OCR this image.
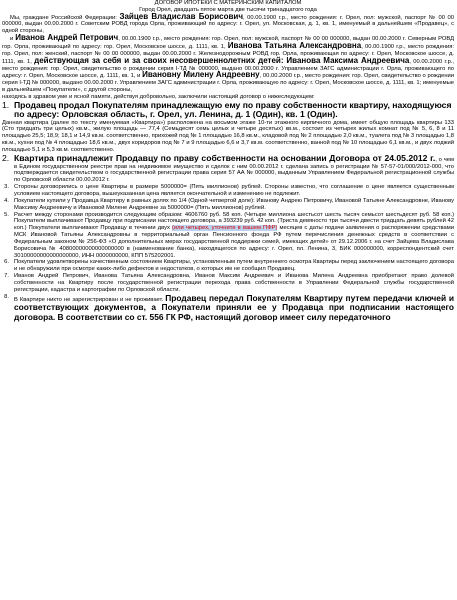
ДОГОВОР ИПОТЕКИ С МАТЕРИНСКИМ КАПИТАЛОМ
Город Орел, двадцать пятое марта две тысячи тринадцатого года

Мы, граждане Российской Федерации: Зайцев Владислав Борисович, 00.00.1900 г.р., место рождения: г. Орел, пол: мужской, паспорт № 00 00 000000, выдан 00.00.2000 г. Советским РОВД города Орла, проживающий по адресу: г. Орел, ул. Московская, д. 1, кв. 1, именуемый в дальнейшем «Продавец», с одной стороны,

и Иванов Андрей Петрович, 00.00.1900 г.р., место рождения: гор. Орел, пол: мужской, паспорт № 00 00 000000, выдан 00.00.2000 г. Северным РОВД гор. Орла, проживающий по адресу: гор. Орел, Московское шоссе, д. 1111, кв. 1, Иванова Татьяна Александровна, 00.00.1900 г.р., место рождения: гор. Орел, пол: женский, паспорт № 00 00 000000, выдан 00.00.2000 г. Железнодорожным РОВД гор. Орла, проживающая по адресу: г. Орел, Московское шоссе, д. 1111, кв. 1, действующая за себя и за своих несовершеннолетних детей: Иванова Максима Андреевича, 00.00.2000 г.р., место рождения: гор. Орел, свидетельство о рождении серия I-ТД № 000000, выдано 00.00.2000 г. Управлением ЗАГС администрации г. Орла, проживающего по адресу: г. Орел, Московское шоссе, д. 1111, кв. 1, и Ивановну Милену Андреевну, 00.00.2000 г.р., место рождения: гор. Орел, свидетельство о рождении серия I-ТД № 000000, выдано 00.00.2000 г. Управлением ЗАГС администрации г. Орла, проживающую по адресу: г. Орел, Московское шоссе, д. 1111, кв. 1; именуемые в дальнейшем «Покупатели», с другой стороны,

находясь в здравом уме и ясной памяти, действуя добровольно, заключили настоящий договор о нижеследующем:

1. Продавец продал Покупателям принадлежащую ему по праву собственности квартиру, находящуюся по адресу: Орловская область, г. Орел, ул. Ленина, д. 1 (Один), кв. 1 (Один).

Данная квартира (далее по тексту именуемая «Квартира») расположена на восьмом этаже 10-ти этажного кирпичного дома, имеет общую площадь квартиры 133 (Сто тридцать три целых) кв.м., жилую площадь — 77,4 (Семьдесят семь целых и четыре десятых) кв.м., состоит из четырех жилых комнат под № 5, 6, 8 и 11 площадью 25,5; 18,9; 18,1 и 14,9 кв.м. соответственно, прихожей под № 1 площадью 16,8 кв.м., кладовой под № 2 площадью 2,0 кв.м., туалета под № 3 площадью 1,8 кв.м., кухни под № 4 площадью 18,6 кв.м., двух коридоров под № 7 и 9 площадью 6,6 и 3,7 кв.м. соответственно, ванной под № 10 площадью 6,1 кв.м., и двух лоджий площадью 5,1 и 5,3 кв.м. соответственно.

2. Квартира принадлежит Продавцу по праву собственности на основании Договора от 24.05.2012 г., о чем в Едином государственном реестре прав на недвижимое имущество и сделок с ним 00.00.2012 г. сделана запись о регистрации № 57-57-01/000/2012-000, что подтверждается свидетельством о государственной регистрации права серия 57 АА № 000000, выданным Управлением Федеральной регистрационной службы по Орловской области 00.00.2012 г.

3. Стороны договорились о цене Квартиры в размере 5000000= (Пять миллионов) рублей. Стороны известно, что соглашение о цене является существенным условием настоящего договора, вышеуказанная цена является окончательной и изменению не подлежит.

4. Покупатели купили у Продавца Квартиру в равных долях по 1/4 (Одной четвертой доле): Иванову Андрею Петровичу, Ивановой Татьяне Александровне, Иванову Максиму Андреевичу и Ивановой Милене Андреевне за 5000000= (Пять миллионов) рублей.

5. Расчет между сторонами производится следующим образом: 4606760 руб. 58 коп. (Четыре миллиона шестьсот шесть тысяч семьсот шестьдесят руб. 58 коп.) Покупатели выплачивают Продавцу при подписании настоящего договора, а 393239 руб. 42 коп. (Триста девяносто три тысячи двести тридцать девять рублей 42 коп.) Покупатели выплачивают Продавцу в течении двух (или четырех, уточните в вашем ПФР) месяцев с даты подачи заявления о распоряжении средствами МСК Ивановой Татьяны Александровны в территориальный орган Пенсионного фонда РФ путем перечисления денежных средств в соответствии с Федеральным законом № 256-ФЗ «О дополнительных мерах государственной поддержки семей, имеющих детей» от 29.12.2006 г. на счет Зайцева Владислава Борисовича № 40800000000000000000 в (наименование банка), находящегося по адресу: г. Орел, пл. Ленина, 3, БИК 000000000, корреспондентский счет 30100000000000000000, ИНН 0000000000, КПП 575202001.

6. Покупатели удовлетворены качественным состоянием Квартиры, установленным путем внутреннего осмотра Квартиры перед заключением настоящего договора и не обнаружили при осмотре каких-либо дефектов и недостатков, о которых им не сообщил Продавец.

7. Иванов Андрей Петрович, Иванова Татьяна Александровна, Иванов Максим Андреевич и Иванова Милена Андреевна приобретают право долевой собственности на Квартиру после государственной регистрации перехода права собственности в Управлении Федеральной службы государственной регистрации, кадастра и картографии по Орловской области.

8. В Квартире никто не зарегистрирован и не проживает. Продавец передал Покупателям Квартиру путем передачи ключей и соответствующих документов, а Покупатели приняли ее у Продавца при подписании настоящего договора. В соответствии со ст. 556 ГК РФ, настоящий договор имеет силу передаточного
